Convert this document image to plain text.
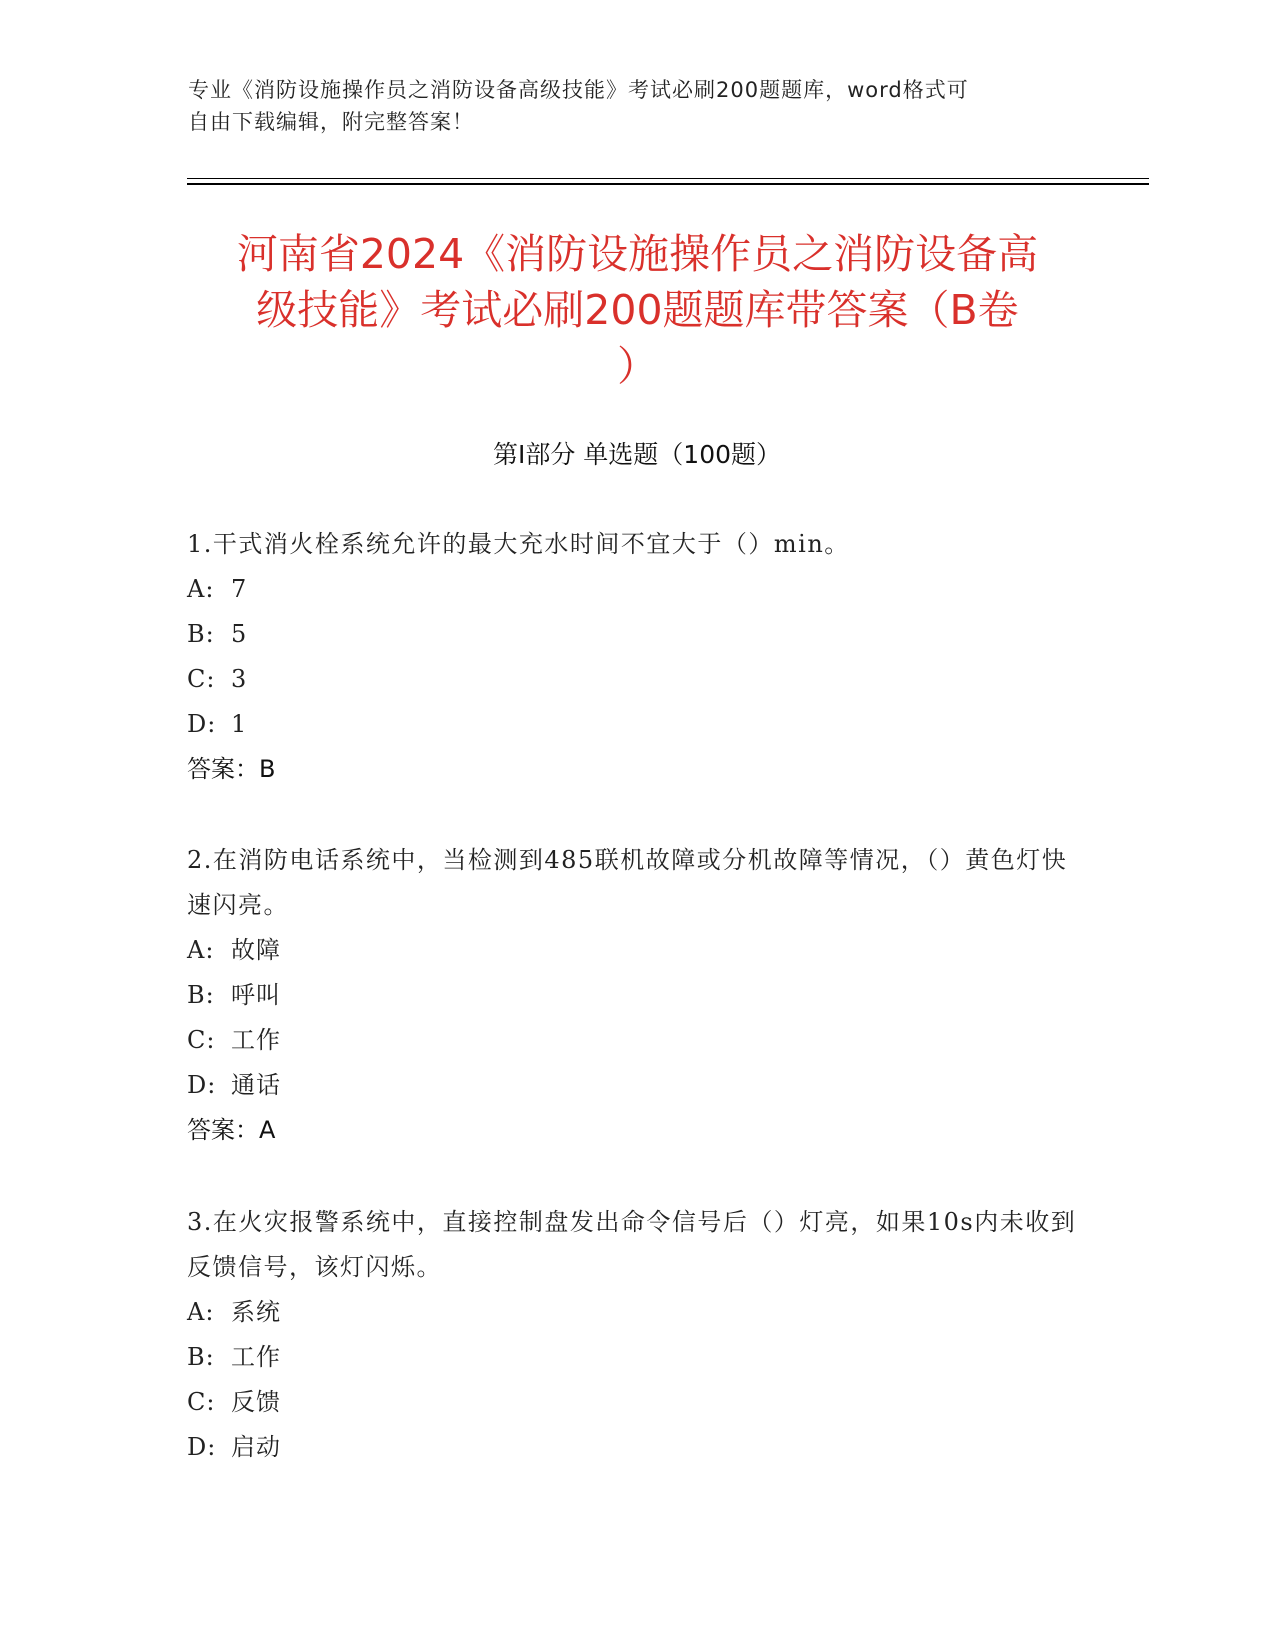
专业《消防设施操作员之消防设备高级技能》考试必刷200题题库，word格式可
自由下载编辑，附完整答案！
河南省2024《消防设施操作员之消防设备高
级技能》考试必刷200题题库带答案（B卷
）
第Ⅰ部分 单选题（100题）
1.干式消火栓系统允许的最大充水时间不宜大于（）min。
A: 7
B: 5
C: 3
D: 1
答案：B
2.在消防电话系统中，当检测到485联机故障或分机故障等情况，（）黄色灯快速闪亮。
A: 故障
B: 呼叫
C: 工作
D: 通话
答案：A
3.在火灾报警系统中，直接控制盘发出命令信号后（）灯亮，如果10s内未收到反馈信号，该灯闪烁。
A: 系统
B: 工作
C: 反馈
D: 启动
